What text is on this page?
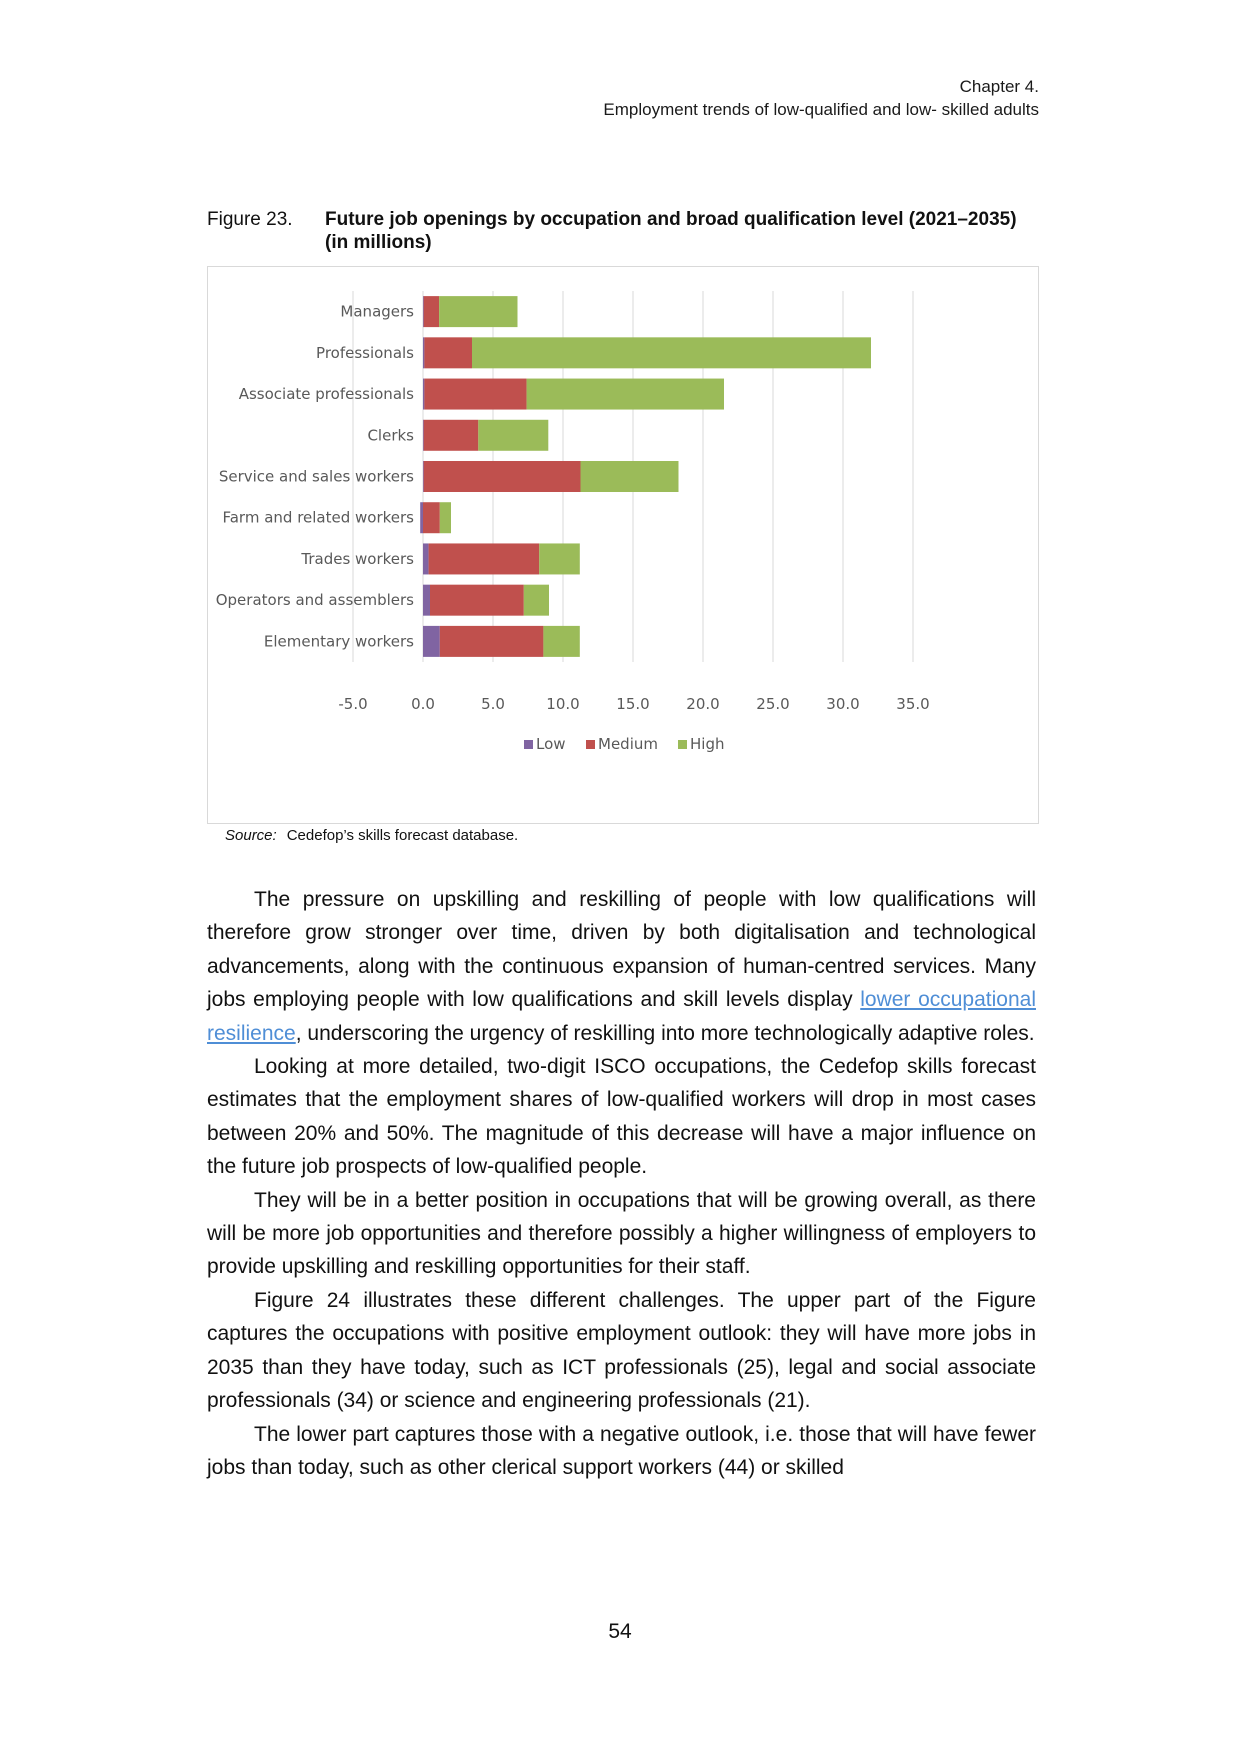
Chapter 4.
Employment trends of low-qualified and low- skilled adults
Figure 23. Future job openings by occupation and broad qualification level (2021–2035) (in millions)
Managers
Professionals
Associate professionals
Clerks
Service and sales workers
Farm and related workers
Trades workers
Operators and assemblers
Elementary workers
-5.0	0.0	5.0	10.0 15.0 20.0 25.0 30.0 35.0
Low Medium High
Source: Cedefop’s skills forecast database.

The pressure on upskilling and reskilling of people with low qualifications will therefore grow stronger over time, driven by both digitalisation and technological advancements, along with the continuous expansion of human-centred services. Many jobs employing people with low qualifications and skill levels display lower occupational resilience, underscoring the urgency of reskilling into more technologically adaptive roles.

Looking at more detailed, two-digit ISCO occupations, the Cedefop skills forecast estimates that the employment shares of low-qualified workers will drop in most cases between 20% and 50%. The magnitude of this decrease will have a major influence on the future job prospects of low-qualified people.

They will be in a better position in occupations that will be growing overall, as there will be more job opportunities and therefore possibly a higher willingness of employers to provide upskilling and reskilling opportunities for their staff.

Figure 24 illustrates these different challenges. The upper part of the Figure captures the occupations with positive employment outlook: they will have more jobs in 2035 than they have today, such as ICT professionals (25), legal and social associate professionals (34) or science and engineering professionals (21).

The lower part captures those with a negative outlook, i.e. those that will have fewer jobs than today, such as other clerical support workers (44) or skilled

54
